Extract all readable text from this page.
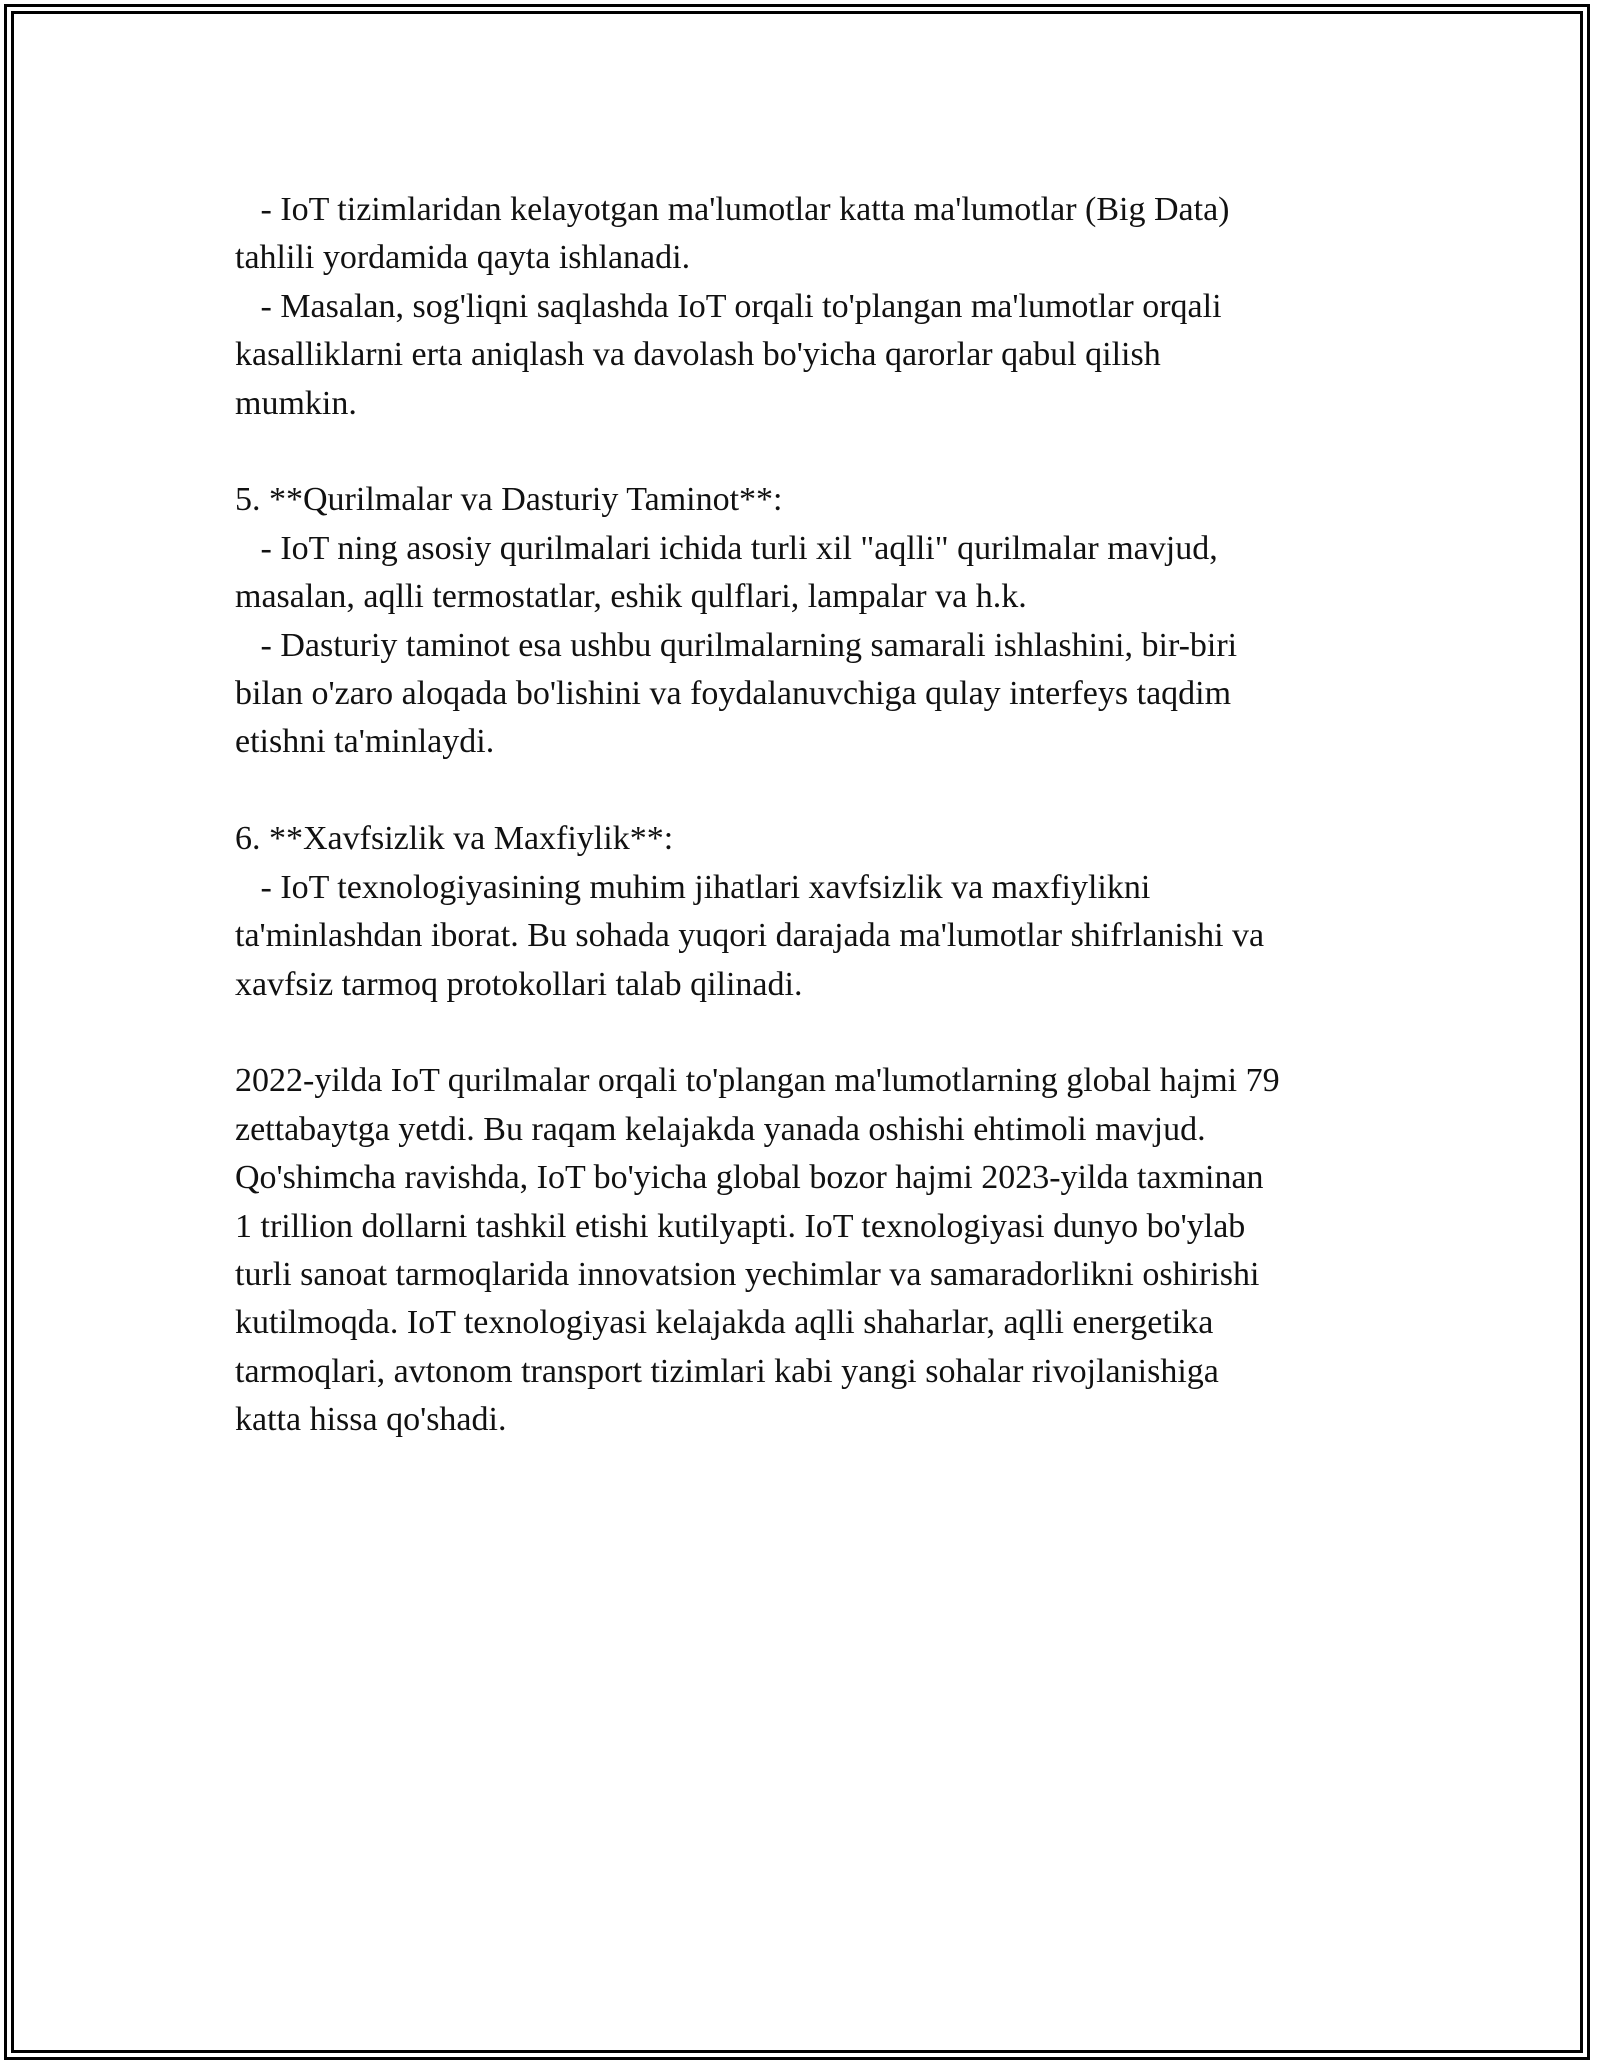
- IoT tizimlaridan kelayotgan ma'lumotlar katta ma'lumotlar (Big Data)
tahlili yordamida qayta ishlanadi.
- Masalan, sog'liqni saqlashda IoT orqali to'plangan ma'lumotlar orqali
kasalliklarni erta aniqlash va davolash bo'yicha qarorlar qabul qilish
mumkin.

5. **Qurilmalar va Dasturiy Taminot**:
- IoT ning asosiy qurilmalari ichida turli xil "aqlli" qurilmalar mavjud,
masalan, aqlli termostatlar, eshik qulflari, lampalar va h.k.
- Dasturiy taminot esa ushbu qurilmalarning samarali ishlashini, bir-biri
bilan o'zaro aloqada bo'lishini va foydalanuvchiga qulay interfeys taqdim
etishni ta'minlaydi.

6. **Xavfsizlik va Maxfiylik**:
- IoT texnologiyasining muhim jihatlari xavfsizlik va maxfiylikni
ta'minlashdan iborat. Bu sohada yuqori darajada ma'lumotlar shifrlanishi va
xavfsiz tarmoq protokollari talab qilinadi.

2022-yilda IoT qurilmalar orqali to'plangan ma'lumotlarning global hajmi 79
zettabaytga yetdi. Bu raqam kelajakda yanada oshishi ehtimoli mavjud.
Qo'shimcha ravishda, IoT bo'yicha global bozor hajmi 2023-yilda taxminan
1 trillion dollarni tashkil etishi kutilyapti. IoT texnologiyasi dunyo bo'ylab
turli sanoat tarmoqlarida innovatsion yechimlar va samaradorlikni oshirishi
kutilmoqda. IoT texnologiyasi kelajakda aqlli shaharlar, aqlli energetika
tarmoqlari, avtonom transport tizimlari kabi yangi sohalar rivojlanishiga
katta hissa qo'shadi.
